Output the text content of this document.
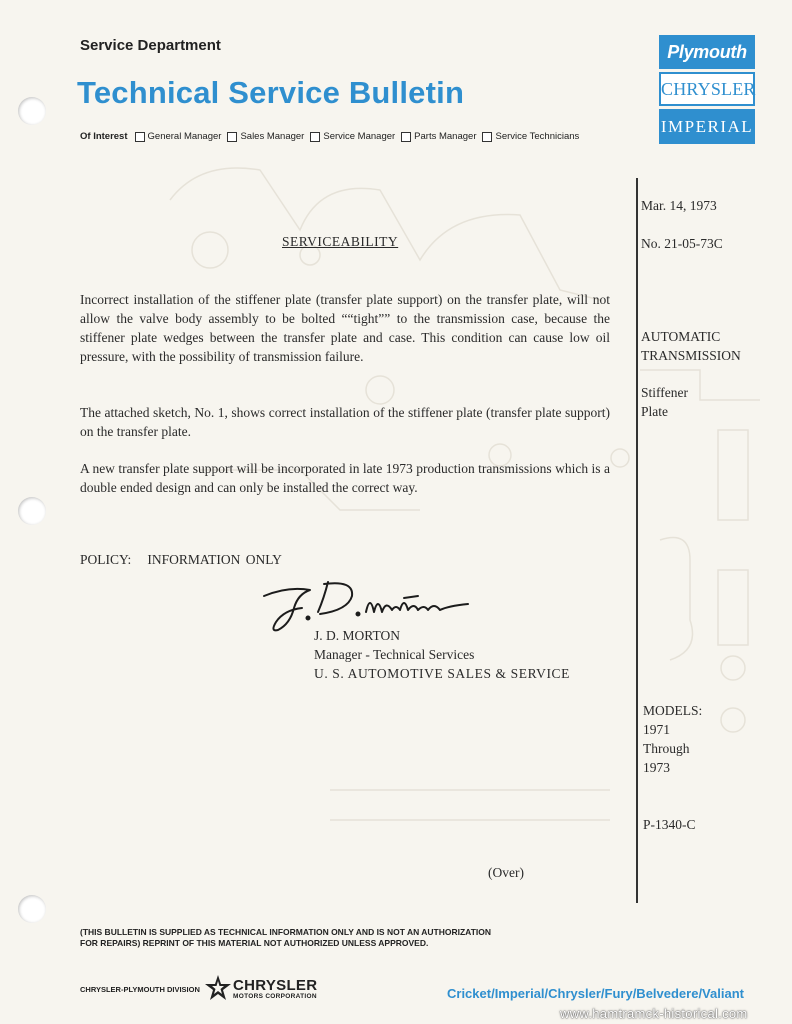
Service Department
Technical Service Bulletin
Of Interest General Manager Sales Manager Service Manager Parts Manager Service Technicians
Plymouth
CHRYSLER
IMPERIAL
Mar. 14, 1973
No. 21-05-73C
AUTOMATIC
TRANSMISSION
Stiffener
Plate
MODELS:
1971
Through
1973
P-1340-C
SERVICEABILITY
Incorrect installation of the stiffener plate (transfer plate support) on the transfer plate, will not allow the valve body assembly to be bolted ““tight”” to the transmission case, because the stiffener plate wedges between the transfer plate and case. This condition can cause low oil pressure, with the possibility of transmission failure.
The attached sketch, No. 1, shows correct installation of the stiffener plate (transfer plate support) on the transfer plate.
A new transfer plate support will be incorporated in late 1973 production transmissions which is a double ended design and can only be installed the correct way.
POLICY:   INFORMATION ONLY
J. D. MORTON
Manager - Technical Services
U. S. AUTOMOTIVE SALES & SERVICE
(Over)
(THIS BULLETIN IS SUPPLIED AS TECHNICAL INFORMATION ONLY AND IS NOT AN AUTHORIZATION
FOR REPAIRS) REPRINT OF THIS MATERIAL NOT AUTHORIZED UNLESS APPROVED.
CHRYSLER-PLYMOUTH DIVISION CHRYSLER
MOTORS CORPORATION	Cricket/Imperial/Chrysler/Fury/Belvedere/Valiant
www.hamtramck-historical.com
